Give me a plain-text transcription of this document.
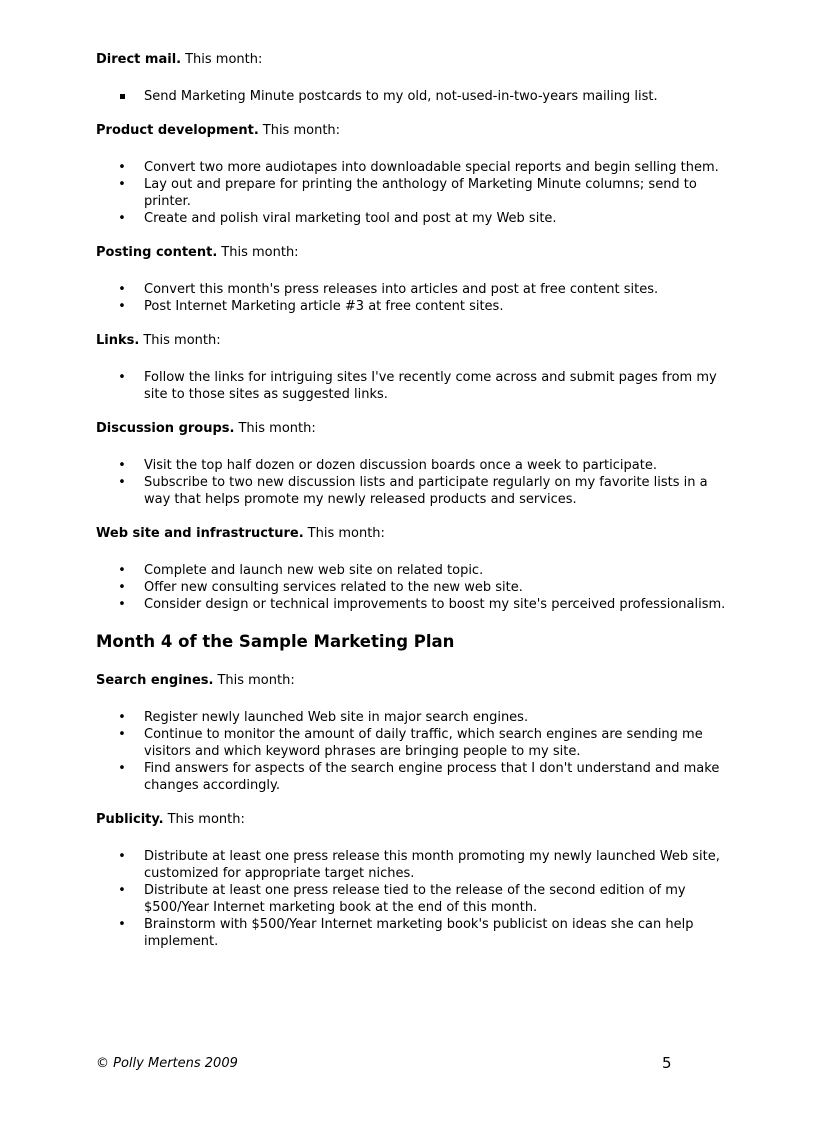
Direct mail. This month:

Send Marketing Minute postcards to my old, not-used-in-two-years mailing list.

Product development. This month:

• Convert two more audiotapes into downloadable special reports and begin selling them.
• Lay out and prepare for printing the anthology of Marketing Minute columns; send to printer.
• Create and polish viral marketing tool and post at my Web site.

Posting content. This month:

• Convert this month's press releases into articles and post at free content sites.
• Post Internet Marketing article #3 at free content sites.

Links. This month:

• Follow the links for intriguing sites I've recently come across and submit pages from my site to those sites as suggested links.

Discussion groups. This month:

• Visit the top half dozen or dozen discussion boards once a week to participate.
• Subscribe to two new discussion lists and participate regularly on my favorite lists in a way that helps promote my newly released products and services.

Web site and infrastructure. This month:

• Complete and launch new web site on related topic.
• Offer new consulting services related to the new web site.
• Consider design or technical improvements to boost my site's perceived professionalism.
Month 4 of the Sample Marketing Plan

Search engines. This month:

• Register newly launched Web site in major search engines.
• Continue to monitor the amount of daily traffic, which search engines are sending me visitors and which keyword phrases are bringing people to my site.
• Find answers for aspects of the search engine process that I don't understand and make changes accordingly.

Publicity. This month:

• Distribute at least one press release this month promoting my newly launched Web site, customized for appropriate target niches.
• Distribute at least one press release tied to the release of the second edition of my $500/Year Internet marketing book at the end of this month.
• Brainstorm with $500/Year Internet marketing book's publicist on ideas she can help implement.
© Polly Mertens 2009	5
